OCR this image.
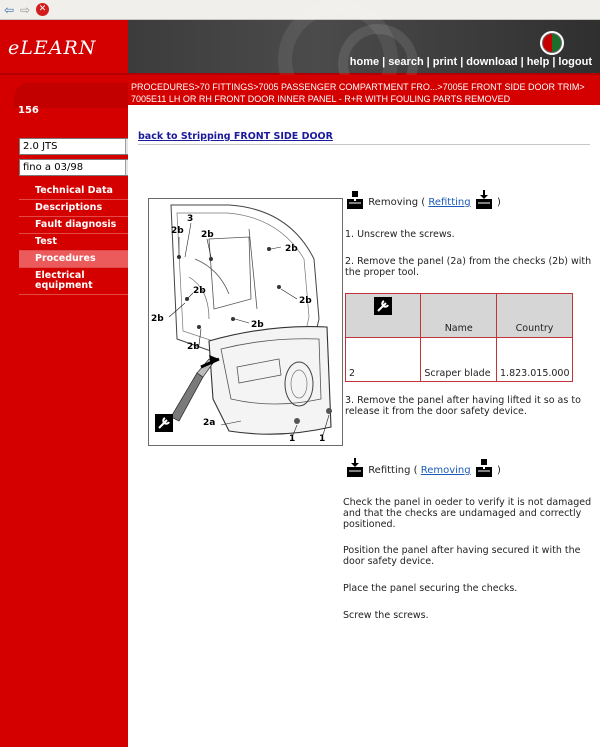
⇦ ⇨ ✕
eLEARN
home | search | print | download | help | logout
156
2.0 JTS
fino a 03/98
Technical Data
Descriptions
Fault diagnosis
Test
Procedures
Electrical equipment
PROCEDURES>70 FITTINGS>7005 PASSENGER COMPARTMENT FRO...>7005E FRONT SIDE DOOR TRIM>
7005E11 LH OR RH FRONT DOOR INNER PANEL - R+R WITH FOULING PARTS REMOVED
back to Stripping FRONT SIDE DOOR
3
2b 2b
2b
2b
2b
2b
2b
2b
2a
1	1
Removing ( Refitting	)
1. Unscrew the screws.
2. Remove the panel (2a) from the checks (2b) with the proper tool.
	Name	Country
2	Scraper blade	1.823.015.000
3. Remove the panel after having lifted it so as to release it from the door safety device.
Refitting ( Removing	)
Check the panel in oeder to verify it is not damaged and that the checks are undamaged and correctly positioned.
Position the panel after having secured it with the door safety device.
Place the panel securing the checks.
Screw the screws.
